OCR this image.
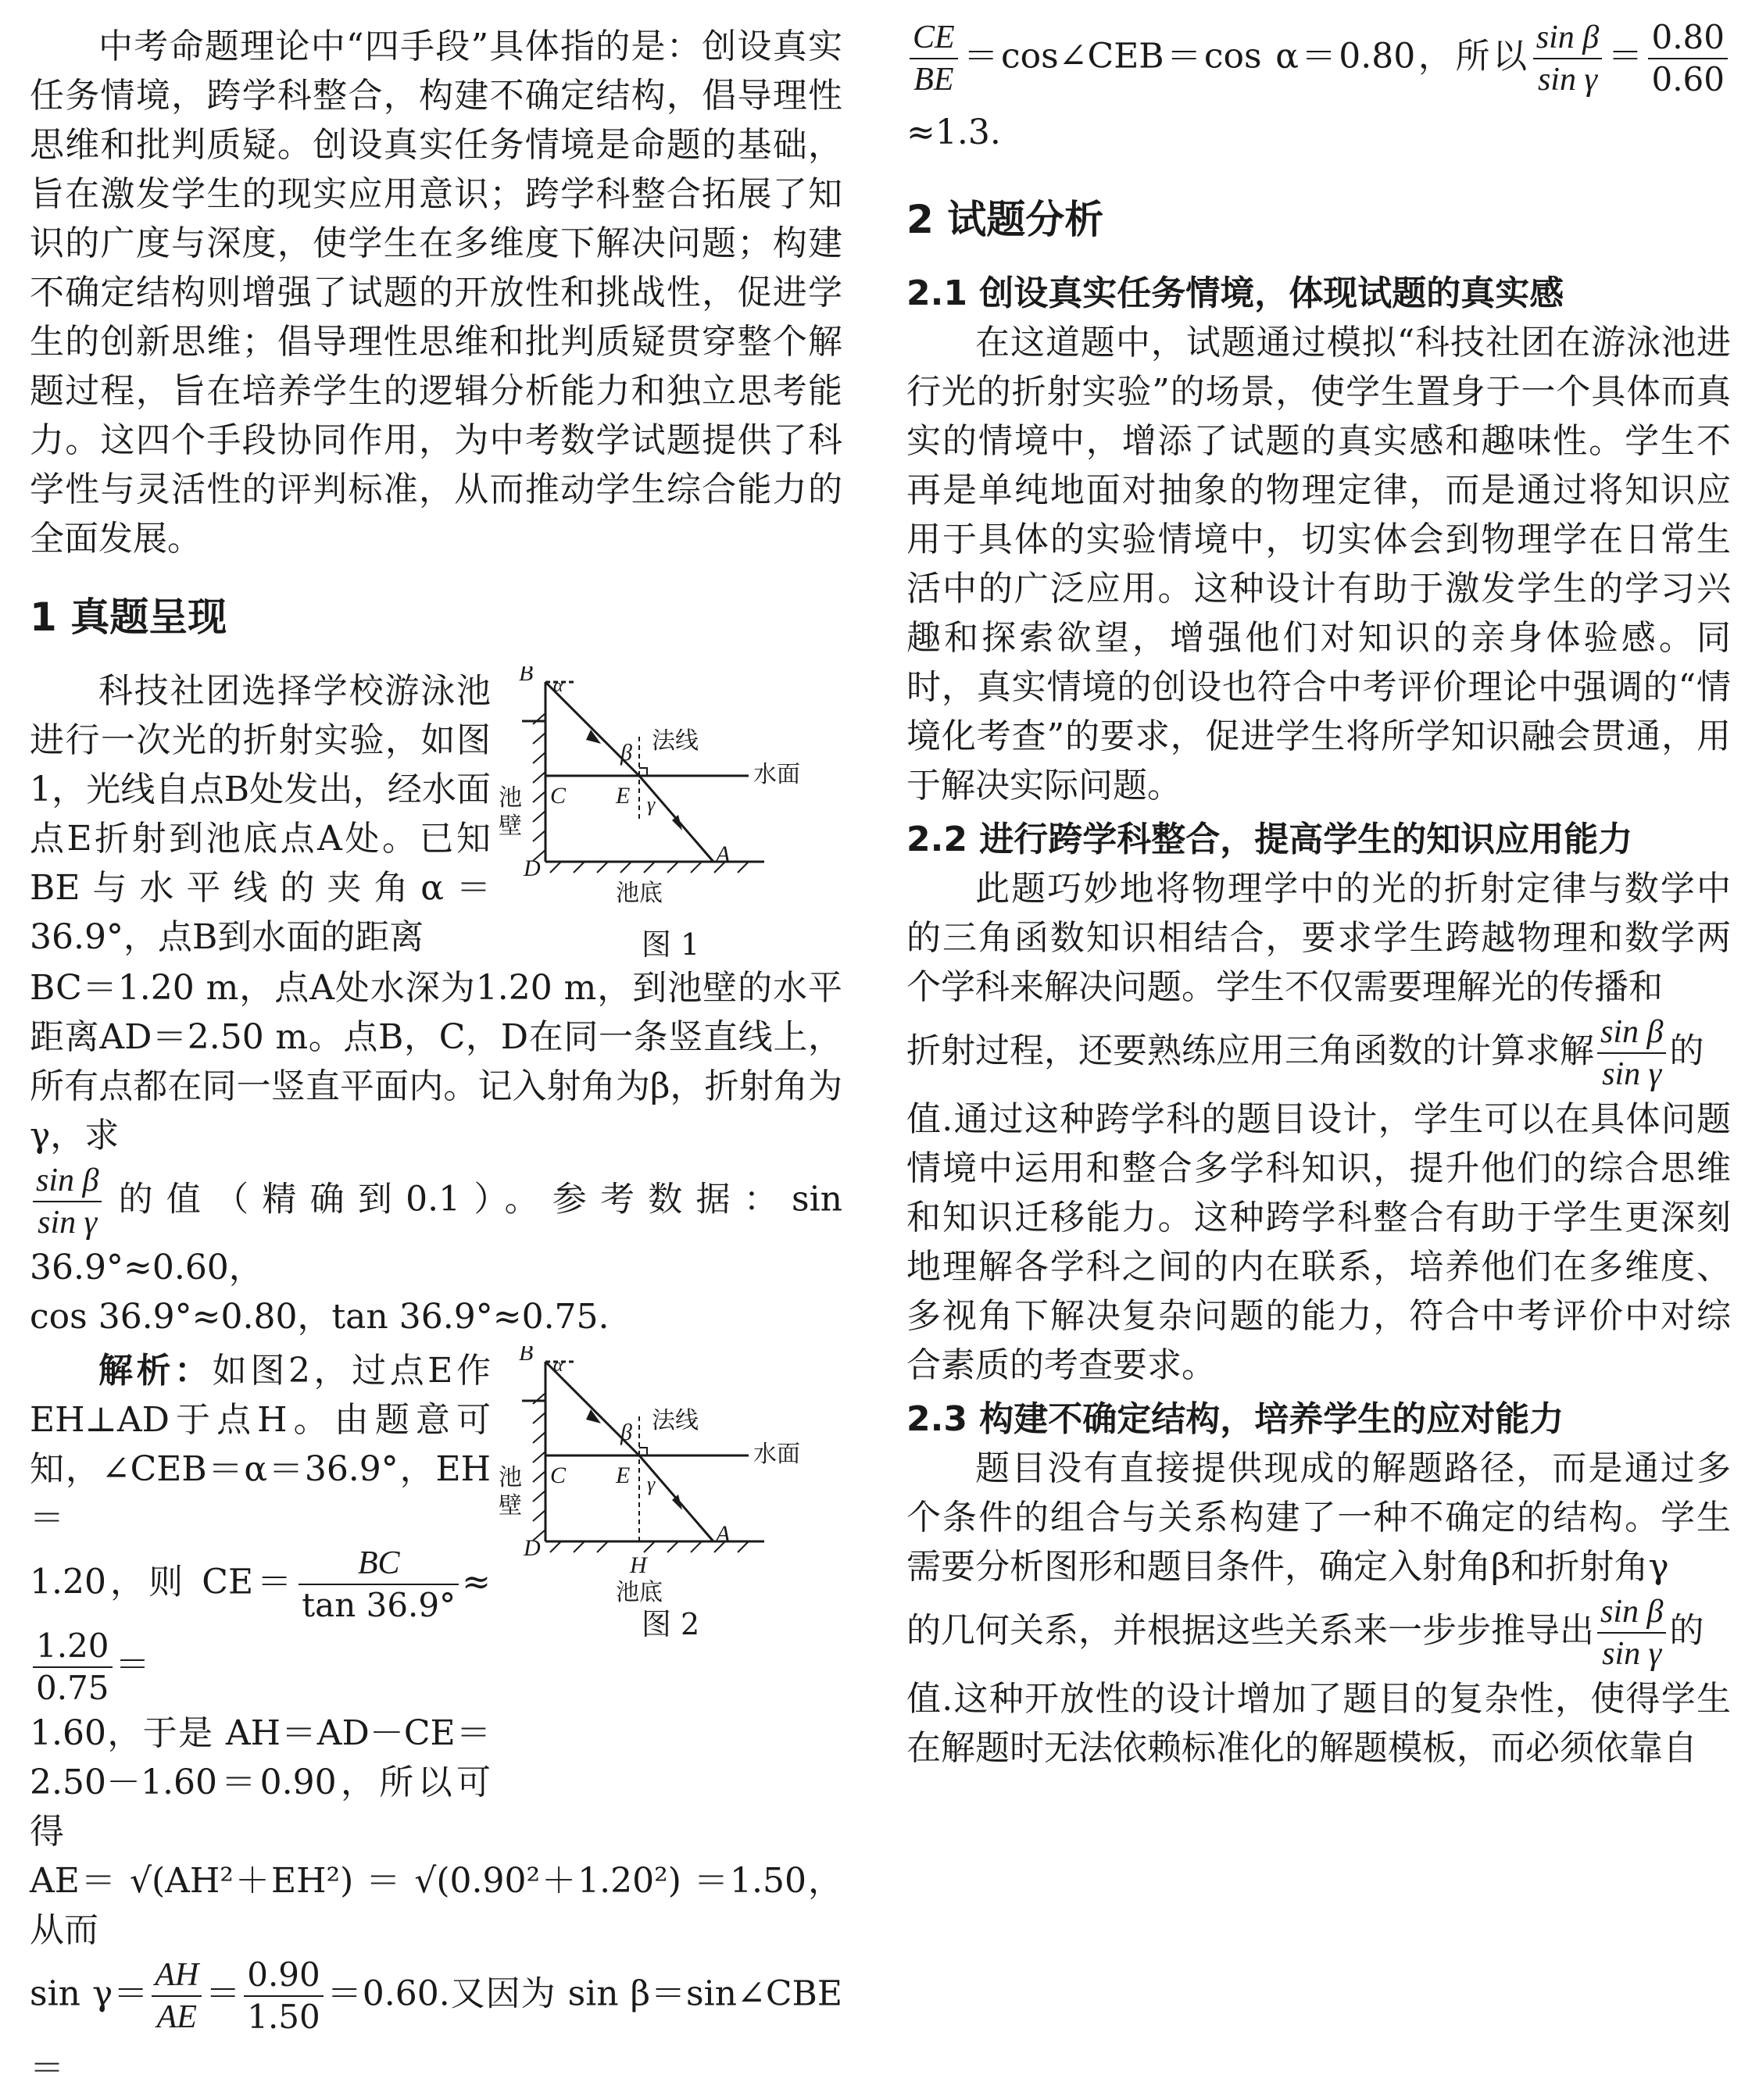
中考命题理论中“四手段”具体指的是：创设真实任务情境，跨学科整合，构建不确定结构，倡导理性思维和批判质疑。创设真实任务情境是命题的基础，旨在激发学生的现实应用意识；跨学科整合拓展了知识的广度与深度，使学生在多维度下解决问题；构建不确定结构则增强了试题的开放性和挑战性，促进学生的创新思维；倡导理性思维和批判质疑贯穿整个解题过程，旨在培养学生的逻辑分析能力和独立思考能力。这四个手段协同作用，为中考数学试题提供了科学性与灵活性的评判标准，从而推动学生综合能力的全面发展。

1 真题呈现

科技社团选择学校游泳池进行一次光的折射实验，如图1，光线自点B处发出，经水面点E折射到池底点A处。已知BE与水平线的夹角α＝36.9°，点B到水面的距离

B α
β
C E γ
A
D
法线
水面
池
壁
池底
图 1

BC＝1.20 m，点A处水深为1.20 m，到池壁的水平距离AD＝2.50 m。点B，C，D在同一条竖直线上，所有点都在同一竖直平面内。记入射角为β，折射角为γ，求

$\frac{\text{sin β}}{\text{sin γ}}$ 的值（精确到0.1）。参考数据：sin 36.9°≈0.60，

cos 36.9°≈0.80，tan 36.9°≈0.75.

解析：如图2，过点E作EH⊥AD于点H。由题意可知，∠CEB＝α＝36.9°，EH＝

1.20，则 $CE= \frac{BC}{\tan 36.9^\circ}$ ≈
$\frac{1.20}{0.75}$ ＝

1.60，于是 AH＝AD－CE＝2.50－1.60＝0.90，所以可得

B α
β
C E γ
A
D
H
法线
水面
池
壁
池底
图 2

AE＝ √(AH²＋EH²) ＝ √(0.90²＋1.20²) ＝1.50，从而

$\sin \gamma= \frac{AH}{AE} = \frac{0.90}{1.50} =0.60$.又因为 sin β＝sin∠CBE＝

$\frac{CE}{BE}$ ＝cos∠CEB＝cos α＝0.80，所以 $\frac{\text{sin β}}{\text{sin γ}} = \frac{0.80}{0.60}$
≈1.3.

2 试题分析
2.1 创设真实任务情境，体现试题的真实感

在这道题中，试题通过模拟“科技社团在游泳池进行光的折射实验”的场景，使学生置身于一个具体而真实的情境中，增添了试题的真实感和趣味性。学生不再是单纯地面对抽象的物理定律，而是通过将知识应用于具体的实验情境中，切实体会到物理学在日常生活中的广泛应用。这种设计有助于激发学生的学习兴趣和探索欲望，增强他们对知识的亲身体验感。同时，真实情境的创设也符合中考评价理论中强调的“情境化考查”的要求，促进学生将所学知识融会贯通，用于解决实际问题。

2.2 进行跨学科整合，提高学生的知识应用能力

此题巧妙地将物理学中的光的折射定律与数学中的三角函数知识相结合，要求学生跨越物理和数学两个学科来解决问题。学生不仅需要理解光的传播和

折射过程，还要熟练应用三角函数的计算求解 $\frac{\text{sin β}}{\text{sin γ}}$ 的

值.通过这种跨学科的题目设计，学生可以在具体问题情境中运用和整合多学科知识，提升他们的综合思维和知识迁移能力。这种跨学科整合有助于学生更深刻地理解各学科之间的内在联系，培养他们在多维度、多视角下解决复杂问题的能力，符合中考评价中对综合素质的考查要求。

2.3 构建不确定结构，培养学生的应对能力

题目没有直接提供现成的解题路径，而是通过多个条件的组合与关系构建了一种不确定的结构。学生需要分析图形和题目条件，确定入射角β和折射角γ

的几何关系，并根据这些关系来一步步推导出 $\frac{\text{sin β}}{\text{sin γ}}$ 的

值.这种开放性的设计增加了题目的复杂性，使得学生在解题时无法依赖标准化的解题模板，而必须依靠自
